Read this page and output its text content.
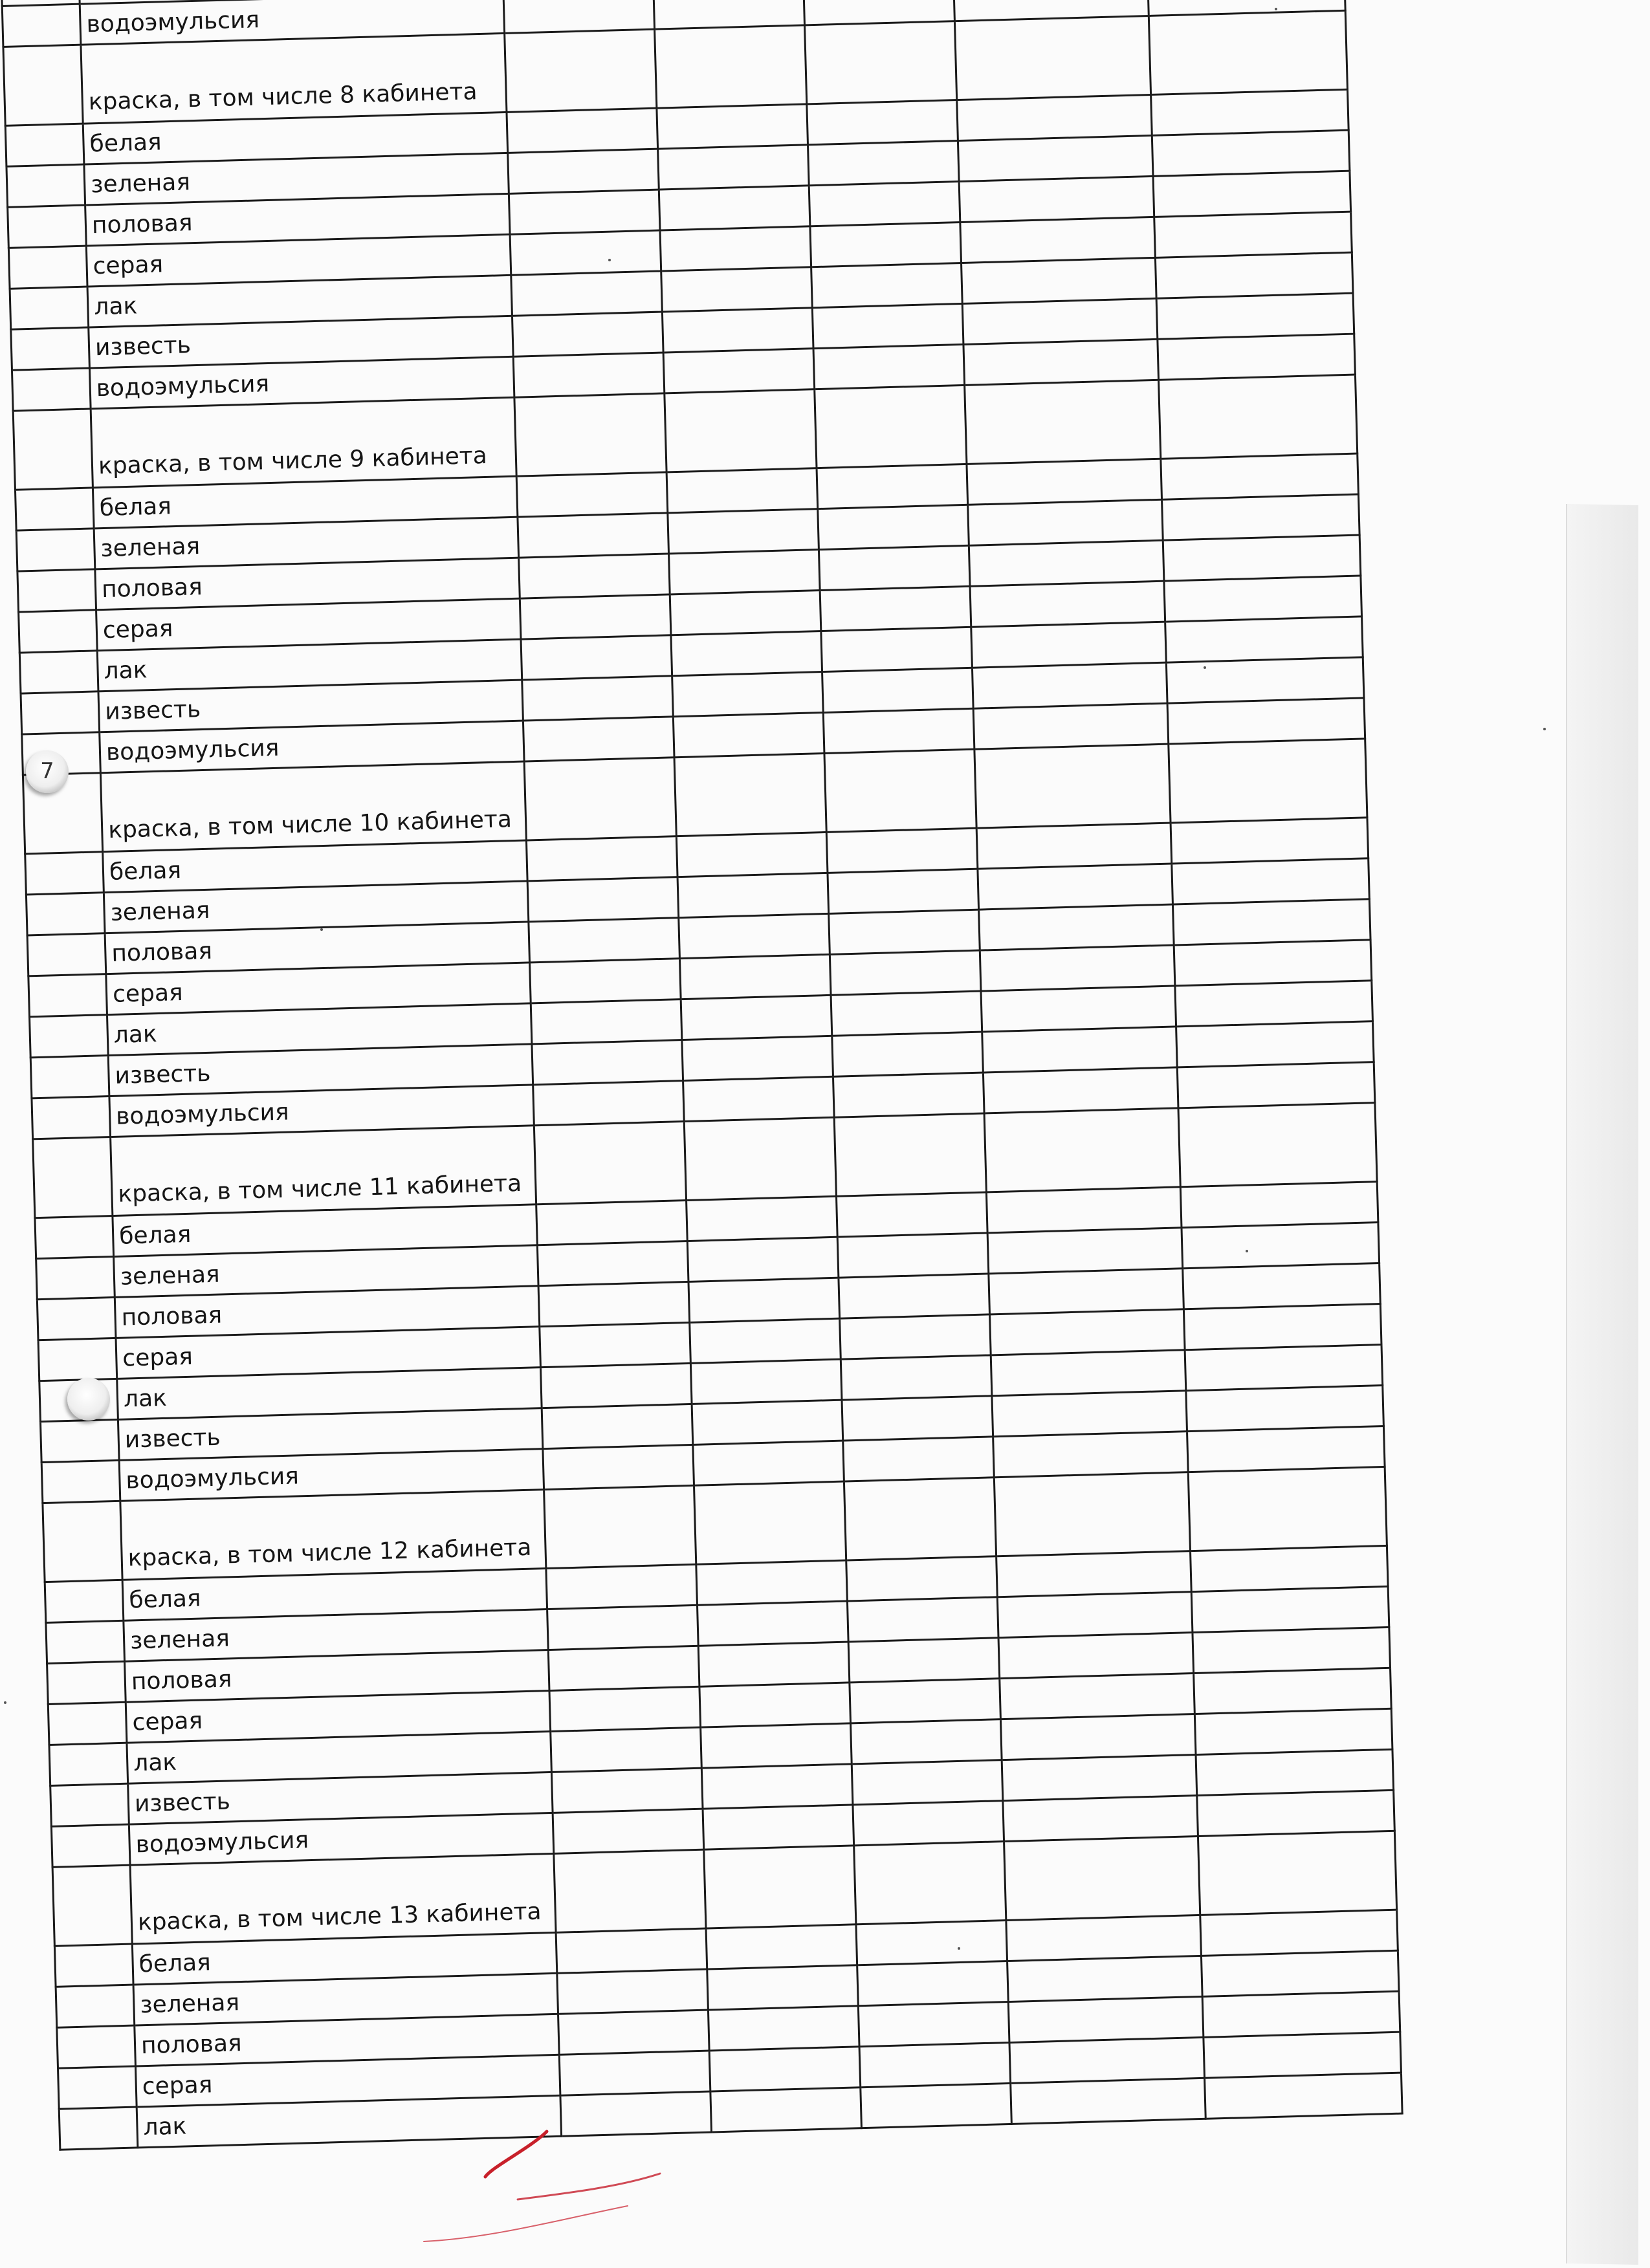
	водоэмульсия					
	краска, в том числе 8 кабинета					
	белая					
	зеленая					
	половая					
	серая					
	лак					
	известь					
	водоэмульсия					
	краска, в том числе 9 кабинета					
	белая					
	зеленая					
	половая					
	серая					
	лак					
	известь					
	водоэмульсия					
	краска, в том числе 10 кабинета					
	белая					
	зеленая					
	половая					
	серая					
	лак					
	известь					
	водоэмульсия					
	краска, в том числе 11 кабинета					
	белая					
	зеленая					
	половая					
	серая					
	лак					
	известь					
	водоэмульсия					
	краска, в том числе 12 кабинета					
	белая					
	зеленая					
	половая					
	серая					
	лак					
	известь					
	водоэмульсия					
	краска, в том числе 13 кабинета					
	белая					
	зеленая					
	половая					
	серая					
	лак					
7
